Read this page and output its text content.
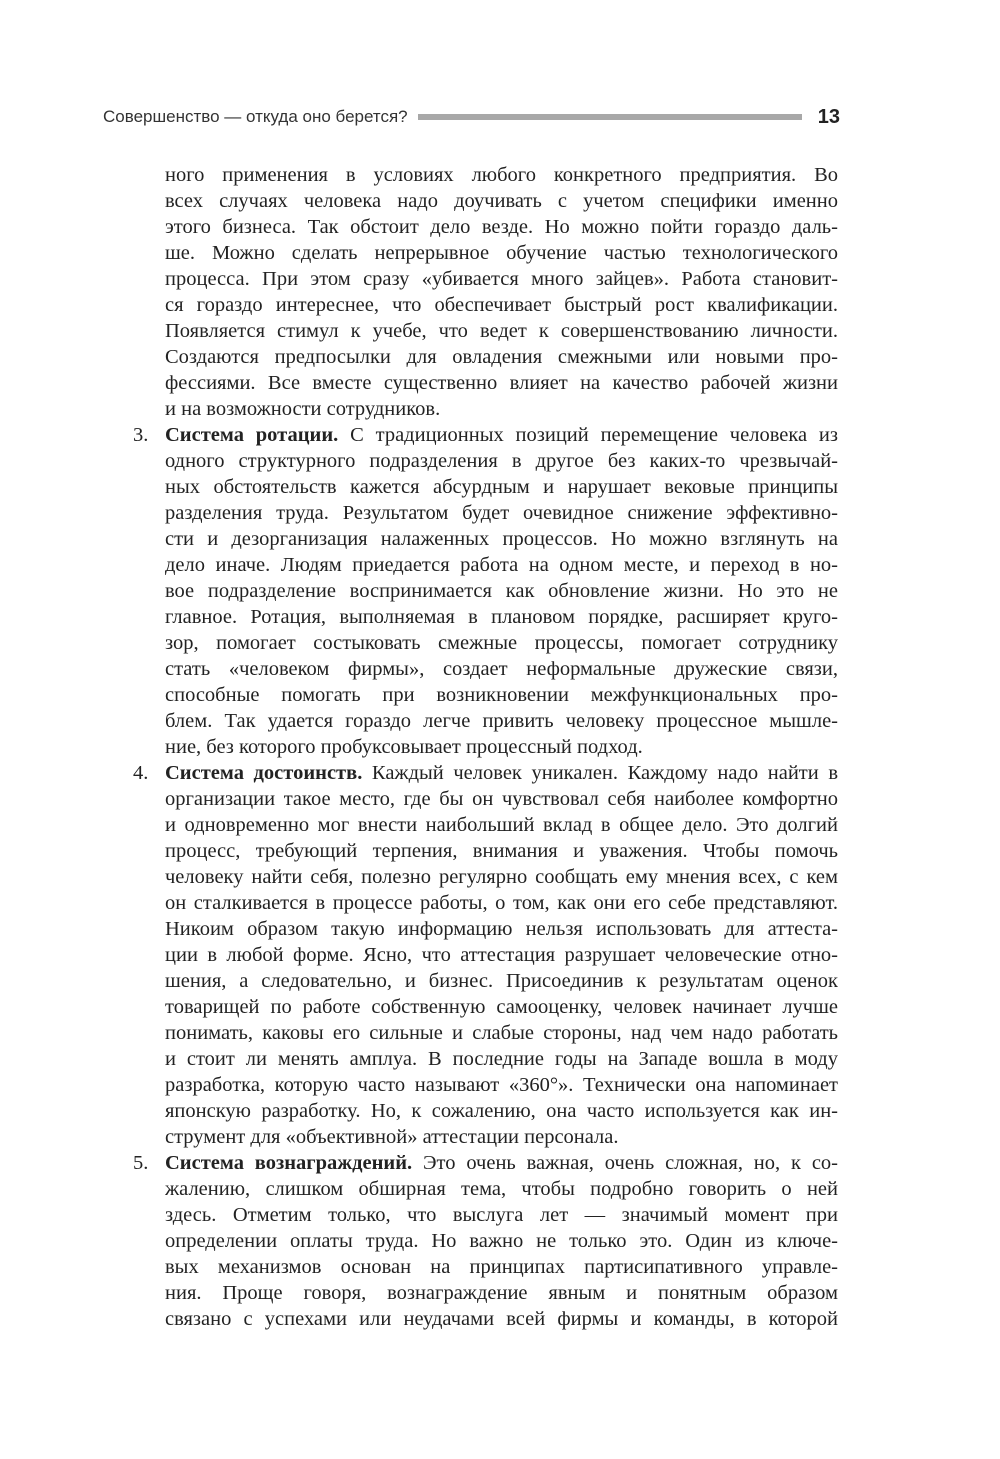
Совершенство — откуда оно берется?	13
ного применения в условиях любого конкретного предприятия. Во
всех случаях человека надо доучивать с учетом специфики именно
этого бизнеса. Так обстоит дело везде. Но можно пойти гораздо даль-
ше. Можно сделать непрерывное обучение частью технологического
процесса. При этом сразу «убивается много зайцев». Работа становит-
ся гораздо интереснее, что обеспечивает быстрый рост квалификации.
Появляется стимул к учебе, что ведет к совершенствованию личности.
Создаются предпосылки для овладения смежными или новыми про-
фессиями. Все вместе существенно влияет на качество рабочей жизни
и на возможности сотрудников.
3. Система ротации. С традиционных позиций перемещение человека из
одного структурного подразделения в другое без каких-то чрезвычай-
ных обстоятельств кажется абсурдным и нарушает вековые принципы
разделения труда. Результатом будет очевидное снижение эффективно-
сти и дезорганизация налаженных процессов. Но можно взглянуть на
дело иначе. Людям приедается работа на одном месте, и переход в но-
вое подразделение воспринимается как обновление жизни. Но это не
главное. Ротация, выполняемая в плановом порядке, расширяет круго-
зор, помогает состыковать смежные процессы, помогает сотруднику
стать «человеком фирмы», создает неформальные дружеские связи,
способные помогать при возникновении межфункциональных про-
блем. Так удается гораздо легче привить человеку процессное мышле-
ние, без которого пробуксовывает процессный подход.
4. Система достоинств. Каждый человек уникален. Каждому надо найти в
организации такое место, где бы он чувствовал себя наиболее комфортно
и одновременно мог внести наибольший вклад в общее дело. Это долгий
процесс, требующий терпения, внимания и уважения. Чтобы помочь
человеку найти себя, полезно регулярно сообщать ему мнения всех, с кем
он сталкивается в процессе работы, о том, как они его себе представляют.
Никоим образом такую информацию нельзя использовать для аттеста-
ции в любой форме. Ясно, что аттестация разрушает человеческие отно-
шения, а следовательно, и бизнес. Присоединив к результатам оценок
товарищей по работе собственную самооценку, человек начинает лучше
понимать, каковы его сильные и слабые стороны, над чем надо работать
и стоит ли менять амплуа. В последние годы на Западе вошла в моду
разработка, которую часто называют «360°». Технически она напоминает
японскую разработку. Но, к сожалению, она часто используется как ин-
струмент для «объективной» аттестации персонала.
5. Система вознаграждений. Это очень важная, очень сложная, но, к со-
жалению, слишком обширная тема, чтобы подробно говорить о ней
здесь. Отметим только, что выслуга лет — значимый момент при
определении оплаты труда. Но важно не только это. Один из ключе-
вых механизмов основан на принципах партисипативного управле-
ния. Проще говоря, вознаграждение явным и понятным образом
связано с успехами или неудачами всей фирмы и команды, в которой
